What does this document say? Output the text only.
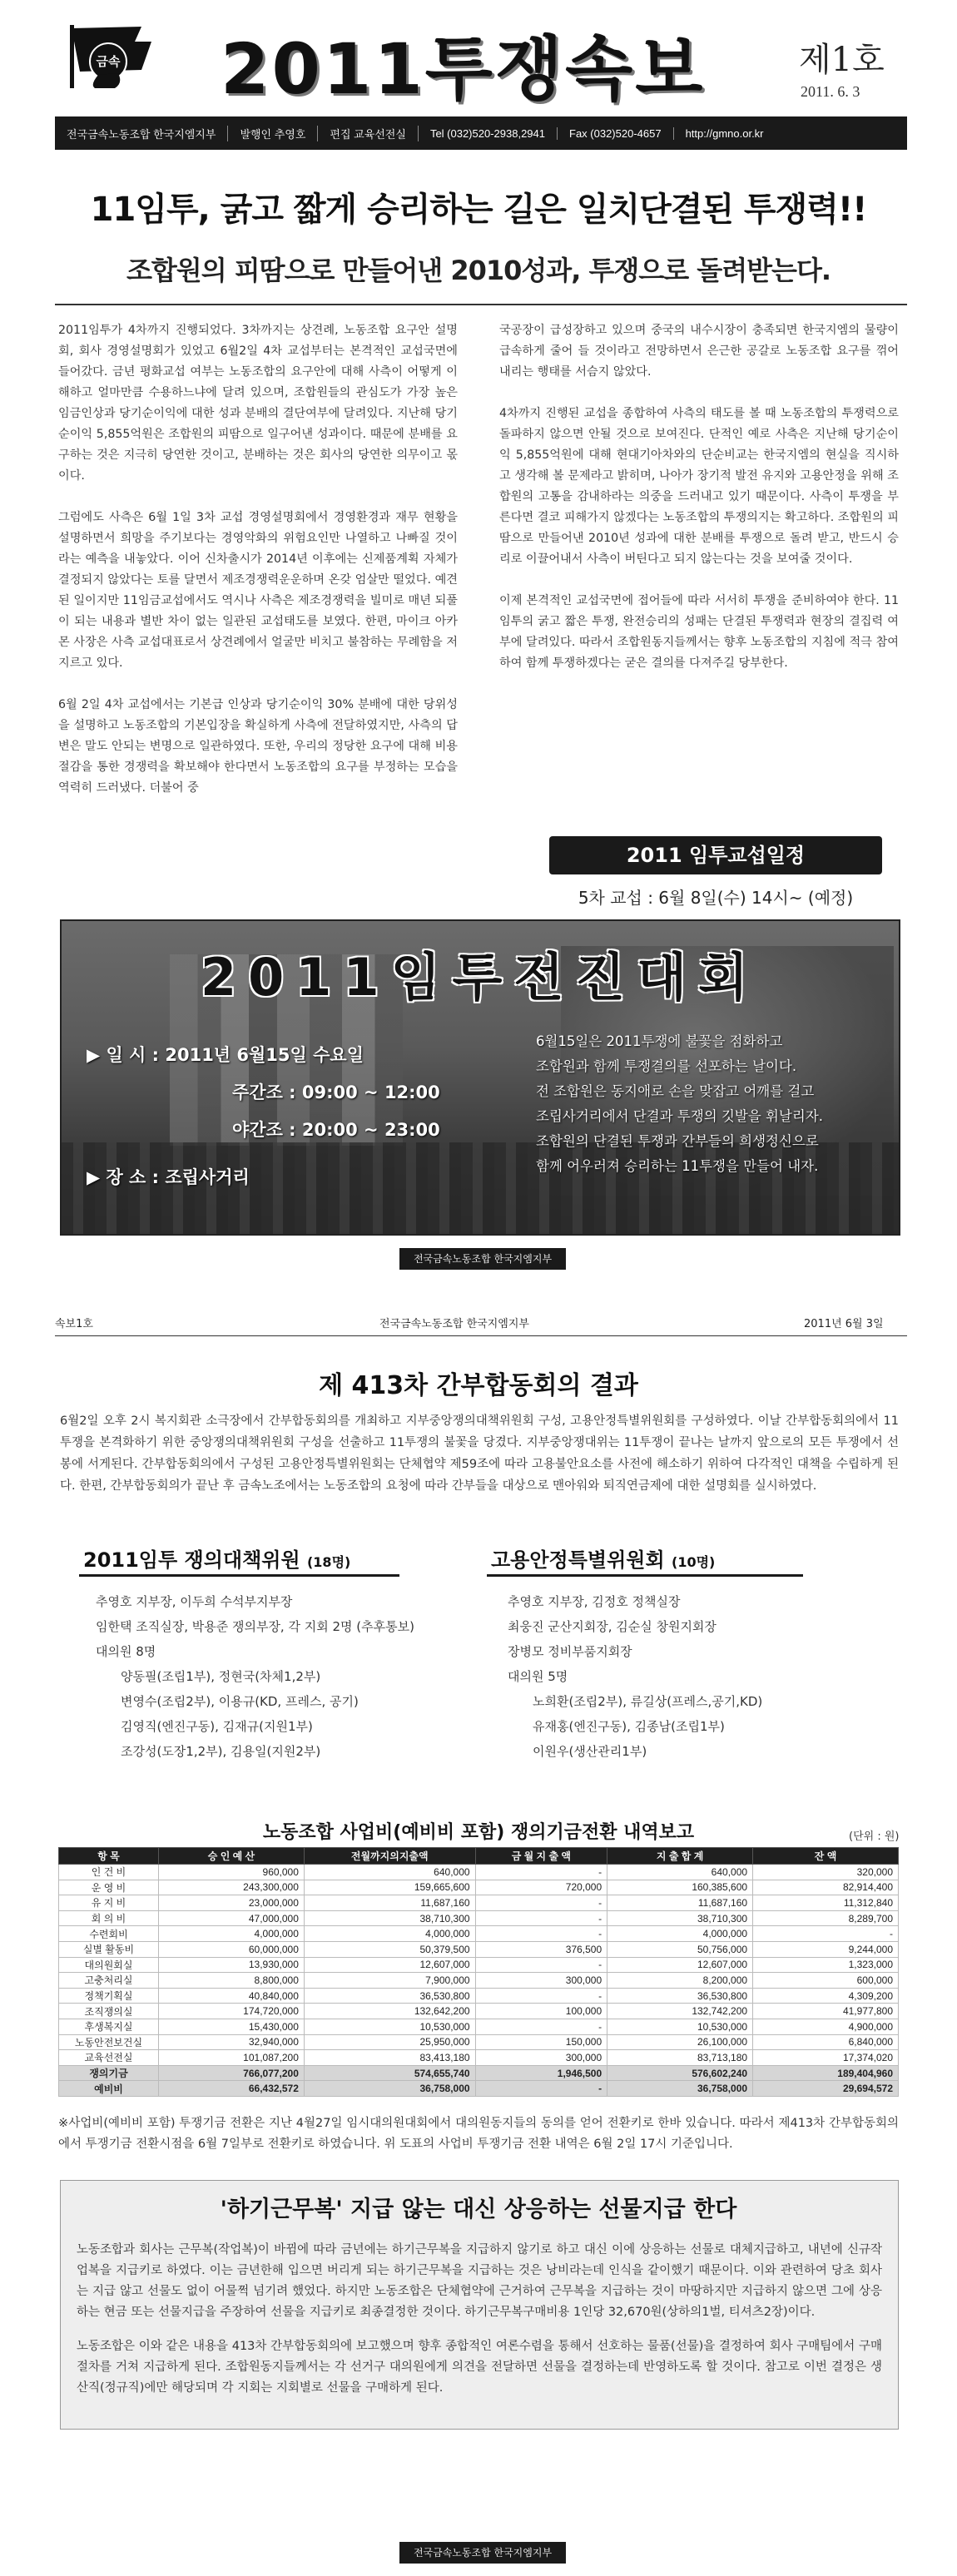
금속 2011투쟁속보	제1호
2011. 6. 3
전국금속노동조합 한국지엠지부	발행인 추영호	편집 교육선전실	Tel (032)520-2938,2941	Fax (032)520-4657	http://gmno.or.kr
11임투, 굵고 짧게 승리하는 길은 일치단결된 투쟁력!!
조합원의 피땀으로 만들어낸 2010성과, 투쟁으로 돌려받는다.

2011임투가 4차까지 진행되었다. 3차까지는 상견례, 노동조합 요구안 설명회, 회사 경영설명회가 있었고 6월2일 4차 교섭부터는 본격적인 교섭국면에 들어갔다. 금년 평화교섭 여부는 노동조합의 요구안에 대해 사측이 어떻게 이해하고 얼마만큼 수용하느냐에 달려 있으며, 조합원들의 관심도가 가장 높은 임금인상과 당기순이익에 대한 성과 분배의 결단여부에 달려있다. 지난해 당기순이익 5,855억원은 조합원의 피땀으로 일구어낸 성과이다. 때문에 분배를 요구하는 것은 지극히 당연한 것이고, 분배하는 것은 회사의 당연한 의무이고 몫이다.

그럼에도 사측은 6월 1일 3차 교섭 경영설명회에서 경영환경과 재무 현황을 설명하면서 희망을 주기보다는 경영악화의 위험요인만 나열하고 나빠질 것이라는 예측을 내놓았다. 이어 신차출시가 2014년 이후에는 신제품계획 자체가 결정되지 않았다는 토를 달면서 제조경쟁력운운하며 온갖 엄살만 떨었다. 예견된 일이지만 11임금교섭에서도 역시나 사측은 제조경쟁력을 빌미로 매년 되풀이 되는 내용과 별반 차이 없는 일관된 교섭태도를 보였다. 한편, 마이크 아카몬 사장은 사측 교섭대표로서 상견례에서 얼굴만 비치고 불참하는 무례함을 저지르고 있다.

6월 2일 4차 교섭에서는 기본급 인상과 당기순이익 30% 분배에 대한 당위성을 설명하고 노동조합의 기본입장을 확실하게 사측에 전달하였지만, 사측의 답변은 말도 안되는 변명으로 일관하였다. 또한, 우리의 정당한 요구에 대해 비용절감을 통한 경쟁력을 확보해야 한다면서 노동조합의 요구를 부정하는 모습을 역력히 드러냈다. 더불어 중

국공장이 급성장하고 있으며 중국의 내수시장이 충족되면 한국지엠의 물량이 급속하게 줄어 들 것이라고 전망하면서 은근한 공갈로 노동조합 요구를 꺾어 내리는 행태를 서슴지 않았다.

4차까지 진행된 교섭을 종합하여 사측의 태도를 볼 때 노동조합의 투쟁력으로 돌파하지 않으면 안될 것으로 보여진다. 단적인 예로 사측은 지난해 당기순이익 5,855억원에 대해 현대기아차와의 단순비교는 한국지엠의 현실을 직시하고 생각해 볼 문제라고 밝히며, 나아가 장기적 발전 유지와 고용안정을 위해 조합원의 고통을 감내하라는 의중을 드러내고 있기 때문이다. 사측이 투쟁을 부른다면 결코 피해가지 않겠다는 노동조합의 투쟁의지는 확고하다. 조합원의 피땀으로 만들어낸 2010년 성과에 대한 분배를 투쟁으로 돌려 받고, 반드시 승리로 이끌어내서 사측이 버틴다고 되지 않는다는 것을 보여줄 것이다.

이제 본격적인 교섭국면에 접어들에 따라 서서히 투쟁을 준비하여야 한다. 11임투의 굵고 짧은 투쟁, 완전승리의 성패는 단결된 투쟁력과 현장의 결집력 여부에 달려있다. 따라서 조합원동지들께서는 향후 노동조합의 지침에 적극 참여하여 함께 투쟁하겠다는 굳은 결의를 다져주길 당부한다.

2011 임투교섭일정
5차 교섭 : 6월 8일(수) 14시~ (예정)
2011임투전진대회
▶ 일 시 : 2011년 6월15일 수요일
주간조 : 09:00 ~ 12:00
야간조 : 20:00 ~ 23:00
▶ 장 소 : 조립사거리
6월15일은 2011투쟁에 불꽃을 점화하고
조합원과 함께 투쟁결의를 선포하는 날이다.
전 조합원은 동지애로 손을 맞잡고 어깨를 걸고
조립사거리에서 단결과 투쟁의 깃발을 휘날리자.
조합원의 단결된 투쟁과 간부들의 희생정신으로
함께 어우러져 승리하는 11투쟁을 만들어 내자.
전국금속노동조합 한국지엠지부
속보1호	전국금속노동조합 한국지엠지부	2011년 6월 3일
제 413차 간부합동회의 결과
6월2일 오후 2시 복지회관 소극장에서 간부합동회의를 개최하고 지부중앙쟁의대책위원회 구성, 고용안정특별위원회를 구성하였다. 이날 간부합동회의에서 11투쟁을 본격화하기 위한 중앙쟁의대책위원회 구성을 선출하고 11투쟁의 불꽃을 당겼다. 지부중앙쟁대위는 11투쟁이 끝나는 날까지 앞으로의 모든 투쟁에서 선봉에 서게된다. 간부합동회의에서 구성된 고용안정특별위원회는 단체협약 제59조에 따라 고용불안요소를 사전에 해소하기 위하여 다각적인 대책을 수립하게 된다. 한편, 간부합동회의가 끝난 후 금속노조에서는 노동조합의 요청에 따라 간부들을 대상으로 맨아워와 퇴직연금제에 대한 설명회를 실시하였다.
2011임투 쟁의대책위원 (18명)
추영호 지부장, 이두희 수석부지부장
임한택 조직실장, 박용준 쟁의부장, 각 지회 2명 (추후통보)
대의원 8명
양동필(조립1부), 정현국(차체1,2부)
변영수(조립2부), 이용규(KD, 프레스, 공기)
김영직(엔진구동), 김재규(지원1부)
조강성(도장1,2부), 김용일(지원2부)
고용안정특별위원회 (10명)
추영호 지부장, 김정호 정책실장
최웅진 군산지회장, 김순실 창원지회장
장병모 정비부품지회장
대의원 5명
노희환(조립2부), 류길상(프레스,공기,KD)
유재홍(엔진구동), 김종남(조립1부)
이원우(생산관리1부)
노동조합 사업비(예비비 포함) 쟁의기금전환 내역보고	(단위 : 원)
항 목	승 인 예 산	전월까지의지출액	금 월 지 출 액	지 출 합 계	잔 액
인 건 비	960,000	640,000	-	640,000	320,000
운 영 비	243,300,000	159,665,600	720,000	160,385,600	82,914,400
유 지 비	23,000,000	11,687,160	-	11,687,160	11,312,840
회 의 비	47,000,000	38,710,300	-	38,710,300	8,289,700
수련회비	4,000,000	4,000,000	-	4,000,000	-
실별 활동비	60,000,000	50,379,500	376,500	50,756,000	9,244,000
대의원회실	13,930,000	12,607,000	-	12,607,000	1,323,000
고충처리실	8,800,000	7,900,000	300,000	8,200,000	600,000
정책기획실	40,840,000	36,530,800	-	36,530,800	4,309,200
조직쟁의실	174,720,000	132,642,200	100,000	132,742,200	41,977,800
후생복지실	15,430,000	10,530,000	-	10,530,000	4,900,000
노동안전보건실	32,940,000	25,950,000	150,000	26,100,000	6,840,000
교육선전실	101,087,200	83,413,180	300,000	83,713,180	17,374,020
쟁의기금	766,077,200	574,655,740	1,946,500	576,602,240	189,404,960
예비비	66,432,572	36,758,000	-	36,758,000	29,694,572
※사업비(예비비 포함) 투쟁기금 전환은 지난 4월27일 임시대의원대회에서 대의원동지들의 동의를 얻어 전환키로 한바 있습니다. 따라서 제413차 간부합동회의에서 투쟁기금 전환시점을 6월 7일부로 전환키로 하였습니다. 위 도표의 사업비 투쟁기금 전환 내역은 6월 2일 17시 기준입니다.
'하기근무복' 지급 않는 대신 상응하는 선물지급 한다

노동조합과 회사는 근무복(작업복)이 바뀜에 따라 금년에는 하기근무복을 지급하지 않기로 하고 대신 이에 상응하는 선물로 대체지급하고, 내년에 신규작업복을 지급키로 하였다. 이는 금년한해 입으면 버리게 되는 하기근무복을 지급하는 것은 낭비라는데 인식을 같이했기 때문이다. 이와 관련하여 당초 회사는 지급 않고 선물도 없이 어물쩍 넘기려 했었다. 하지만 노동조합은 단체협약에 근거하여 근무복을 지급하는 것이 마땅하지만 지급하지 않으면 그에 상응하는 현금 또는 선물지급을 주장하여 선물을 지급키로 최종결정한 것이다. 하기근무복구매비용 1인당 32,670원(상하의1벌, 티셔츠2장)이다.

노동조합은 이와 같은 내용을 413차 간부합동회의에 보고했으며 향후 종합적인 여론수렴을 통해서 선호하는 물품(선물)을 결정하여 회사 구매팀에서 구매절차를 거쳐 지급하게 된다. 조합원동지들께서는 각 선거구 대의원에게 의견을 전달하면 선물을 결정하는데 반영하도록 할 것이다. 참고로 이번 결정은 생산직(정규직)에만 해당되며 각 지회는 지회별로 선물을 구매하게 된다.

전국금속노동조합 한국지엠지부
